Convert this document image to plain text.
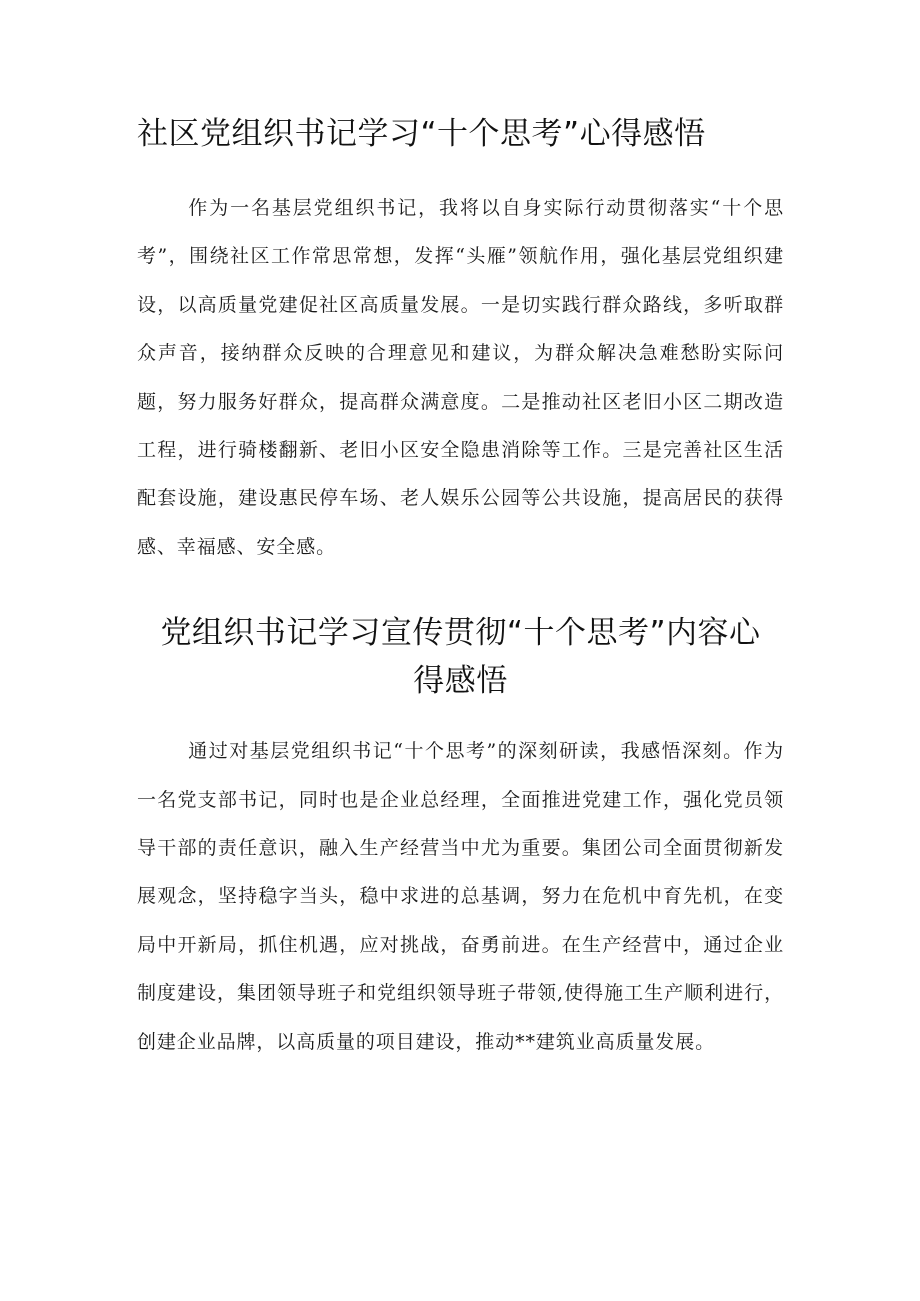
社区党组织书记学习“十个思考”心得感悟

作为一名基层党组织书记，我将以自身实际行动贯彻落实“十个思考”，围绕社区工作常思常想，发挥“头雁”领航作用，强化基层党组织建设，以高质量党建促社区高质量发展。一是切实践行群众路线，多听取群众声音，接纳群众反映的合理意见和建议，为群众解决急难愁盼实际问题，努力服务好群众，提高群众满意度。二是推动社区老旧小区二期改造工程，进行骑楼翻新、老旧小区安全隐患消除等工作。三是完善社区生活配套设施，建设惠民停车场、老人娱乐公园等公共设施，提高居民的获得感、幸福感、安全感。

党组织书记学习宣传贯彻“十个思考”内容心
得感悟

通过对基层党组织书记“十个思考”的深刻研读，我感悟深刻。作为一名党支部书记，同时也是企业总经理，全面推进党建工作，强化党员领导干部的责任意识，融入生产经营当中尤为重要。集团公司全面贯彻新发展观念，坚持稳字当头，稳中求进的总基调，努力在危机中育先机，在变局中开新局，抓住机遇，应对挑战，奋勇前进。在生产经营中，通过企业制度建设，集团领导班子和党组织领导班子带领,使得施工生产顺利进行，创建企业品牌，以高质量的项目建设，推动**建筑业高质量发展。
